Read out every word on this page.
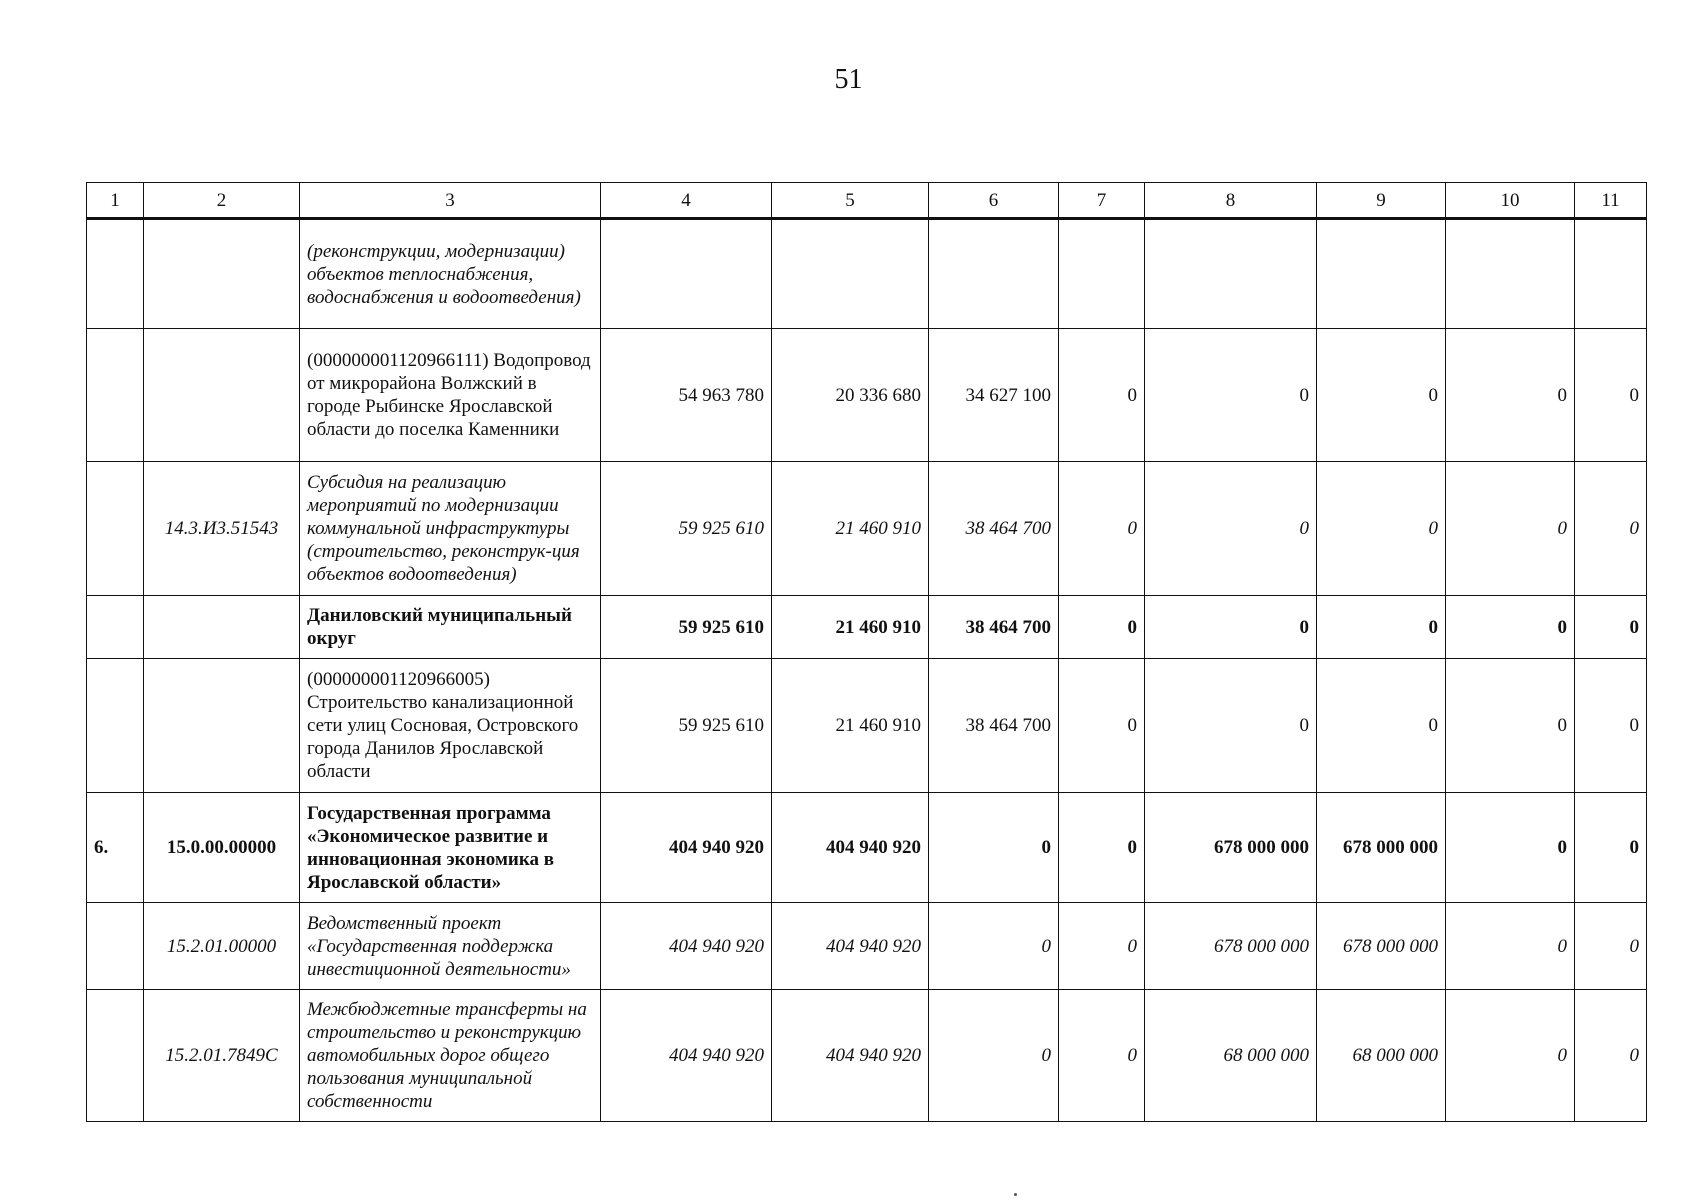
51
1	2	3	4	5	6	7	8	9	10	11
		(реконструкции, модернизации) объектов теплоснабжения, водоснабжения и водоотведения)								
		(000000001120966111) Водопровод от микрорайона Волжский в городе Рыбинске Ярославской области до поселка Каменники	54 963 780	20 336 680	34 627 100	0	0	0	0	0
	14.3.И3.51543	Субсидия на реализацию мероприятий по модернизации коммунальной инфраструктуры (строительство, реконструк-ция объектов водоотведения)	59 925 610	21 460 910	38 464 700	0	0	0	0	0
		Даниловский муниципальный округ	59 925 610	21 460 910	38 464 700	0	0	0	0	0
		(000000001120966005) Строительство канализационной сети улиц Сосновая, Островского города Данилов Ярославской области	59 925 610	21 460 910	38 464 700	0	0	0	0	0
6.	15.0.00.00000	Государственная программа «Экономическое развитие и инновационная экономика в Ярославской области»	404 940 920	404 940 920	0	0	678 000 000	678 000 000	0	0
	15.2.01.00000	Ведомственный проект «Государственная поддержка инвестиционной деятельности»	404 940 920	404 940 920	0	0	678 000 000	678 000 000	0	0
	15.2.01.7849С	Межбюджетные трансферты на строительство и реконструкцию автомобильных дорог общего пользования муниципальной собственности	404 940 920	404 940 920	0	0	68 000 000	68 000 000	0	0
